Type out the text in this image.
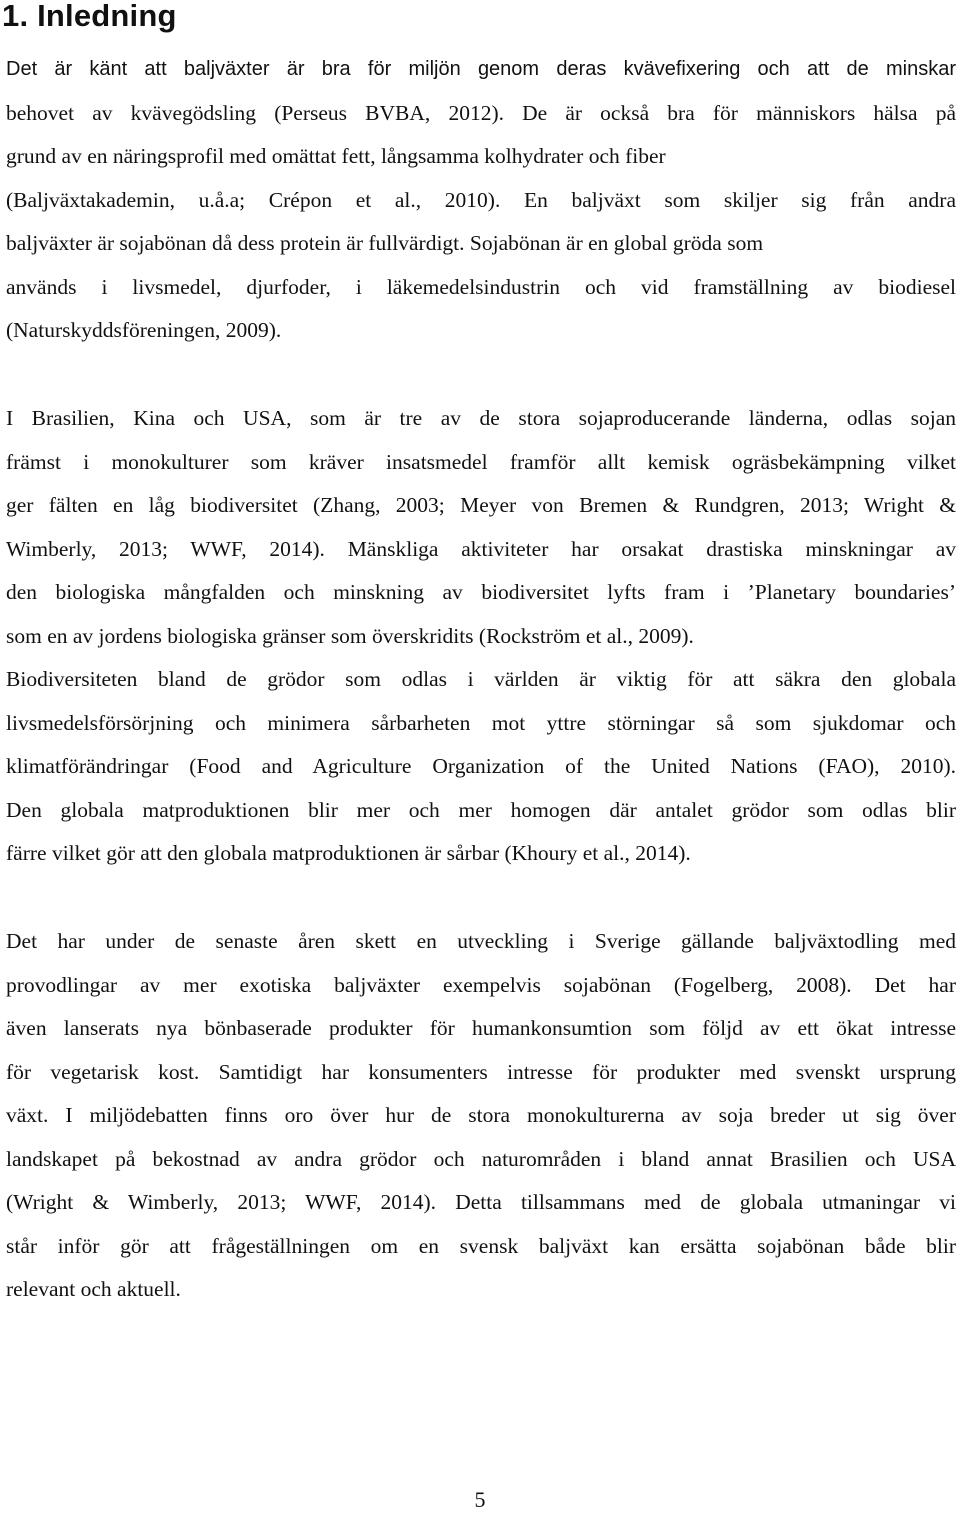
1. Inledning
Det är känt att baljväxter är bra för miljön genom deras kvävefixering och att de minskar
behovet av kvävegödsling (Perseus BVBA, 2012). De är också bra för människors hälsa på
grund av en näringsprofil med omättat fett, långsamma kolhydrater och fiber
(Baljväxtakademin, u.å.a; Crépon et al., 2010). En baljväxt som skiljer sig från andra
baljväxter är sojabönan då dess protein är fullvärdigt. Sojabönan är en global gröda som
används i livsmedel, djurfoder, i läkemedelsindustrin och vid framställning av biodiesel
(Naturskyddsföreningen, 2009).
I Brasilien, Kina och USA, som är tre av de stora sojaproducerande länderna, odlas sojan
främst i monokulturer som kräver insatsmedel framför allt kemisk ogräsbekämpning vilket
ger fälten en låg biodiversitet (Zhang, 2003; Meyer von Bremen & Rundgren, 2013; Wright &
Wimberly, 2013; WWF, 2014). Mänskliga aktiviteter har orsakat drastiska minskningar av
den biologiska mångfalden och minskning av biodiversitet lyfts fram i ’Planetary boundaries’
som en av jordens biologiska gränser som överskridits (Rockström et al., 2009).
Biodiversiteten bland de grödor som odlas i världen är viktig för att säkra den globala
livsmedelsförsörjning och minimera sårbarheten mot yttre störningar så som sjukdomar och
klimatförändringar (Food and Agriculture Organization of the United Nations (FAO), 2010).
Den globala matproduktionen blir mer och mer homogen där antalet grödor som odlas blir
färre vilket gör att den globala matproduktionen är sårbar (Khoury et al., 2014).
Det har under de senaste åren skett en utveckling i Sverige gällande baljväxtodling med
provodlingar av mer exotiska baljväxter exempelvis sojabönan (Fogelberg, 2008). Det har
även lanserats nya bönbaserade produkter för humankonsumtion som följd av ett ökat intresse
för vegetarisk kost. Samtidigt har konsumenters intresse för produkter med svenskt ursprung
växt. I miljödebatten finns oro över hur de stora monokulturerna av soja breder ut sig över
landskapet på bekostnad av andra grödor och naturområden i bland annat Brasilien och USA
(Wright & Wimberly, 2013; WWF, 2014). Detta tillsammans med de globala utmaningar vi
står inför gör att frågeställningen om en svensk baljväxt kan ersätta sojabönan både blir
relevant och aktuell.
5
